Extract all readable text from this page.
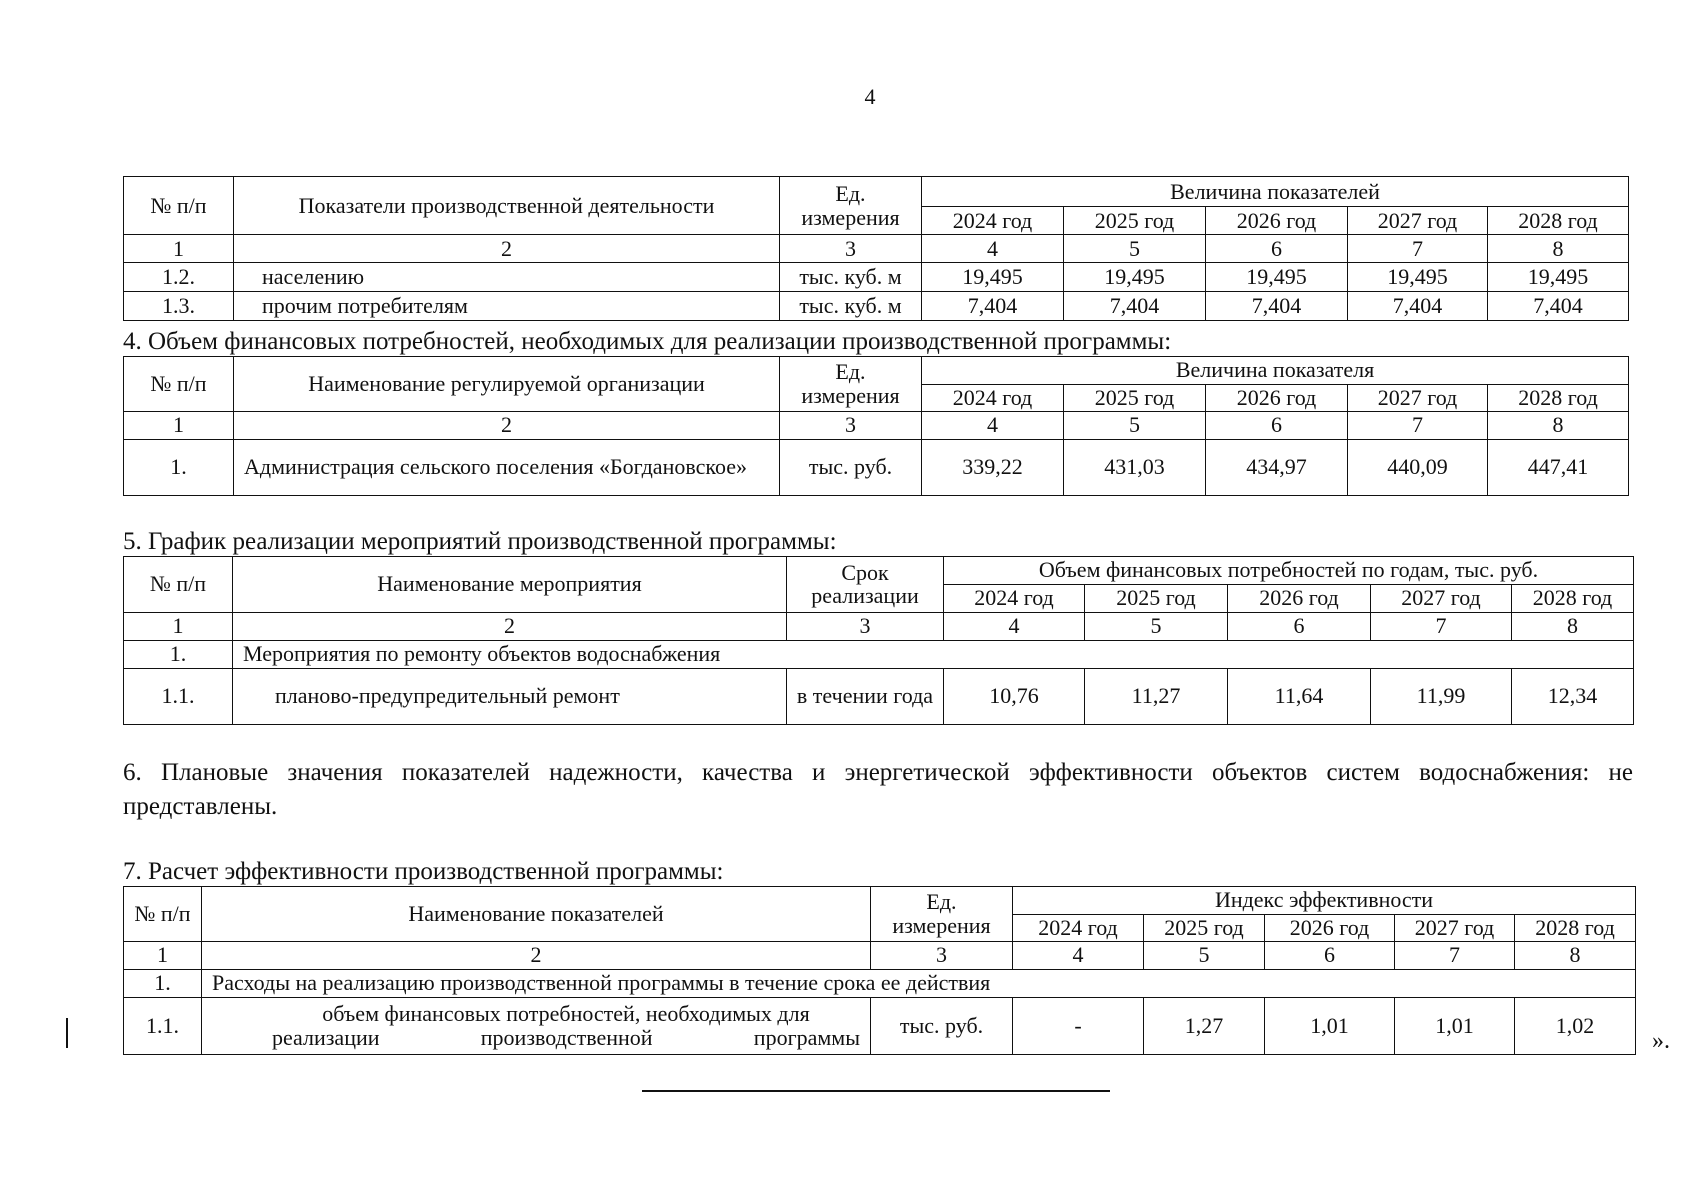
4
№ п/п	Показатели производственной деятельности	Ед. измерения	Величина показателей				
			2024 год	2025 год	2026 год	2027 год	2028 год
1	2	3	4	5	6	7	8
1.2.	населению	тыс. куб. м	19,495	19,495	19,495	19,495	19,495
1.3.	прочим потребителям	тыс. куб. м	7,404	7,404	7,404	7,404	7,404

4. Объем финансовых потребностей, необходимых для реализации производственной программы:

№ п/п	Наименование регулируемой организации	Ед. измерения	Величина показателя				
			2024 год	2025 год	2026 год	2027 год	2028 год
1	2	3	4	5	6	7	8
1.	Администрация сельского поселения «Богдановское»	тыс. руб.	339,22	431,03	434,97	440,09	447,41

5. График реализации мероприятий производственной программы:

№ п/п	Наименование мероприятия	Срок реализации	Объем финансовых потребностей по годам, тыс. руб.				
			2024 год	2025 год	2026 год	2027 год	2028 год
1	2	3	4	5	6	7	8
1.	Мероприятия по ремонту объектов водоснабжения						
1.1.	планово-предупредительный ремонт	в течении года	10,76	11,27	11,64	11,99	12,34
6. Плановые значения показателей надежности, качества и энергетической эффективности объектов систем водоснабжения: не представлены.

7. Расчет эффективности производственной программы:

№ п/п	Наименование показателей	Ед. измерения	Индекс эффективности				
			2024 год	2025 год	2026 год	2027 год	2028 год
1	2	3	4	5	6	7	8
1.	Расходы на реализацию производственной программы в течение срока ее действия						
1.1.	объем финансовых потребностей, необходимых для реализации производственной программы	тыс. руб.	-	1,27	1,01	1,01	1,02
».
